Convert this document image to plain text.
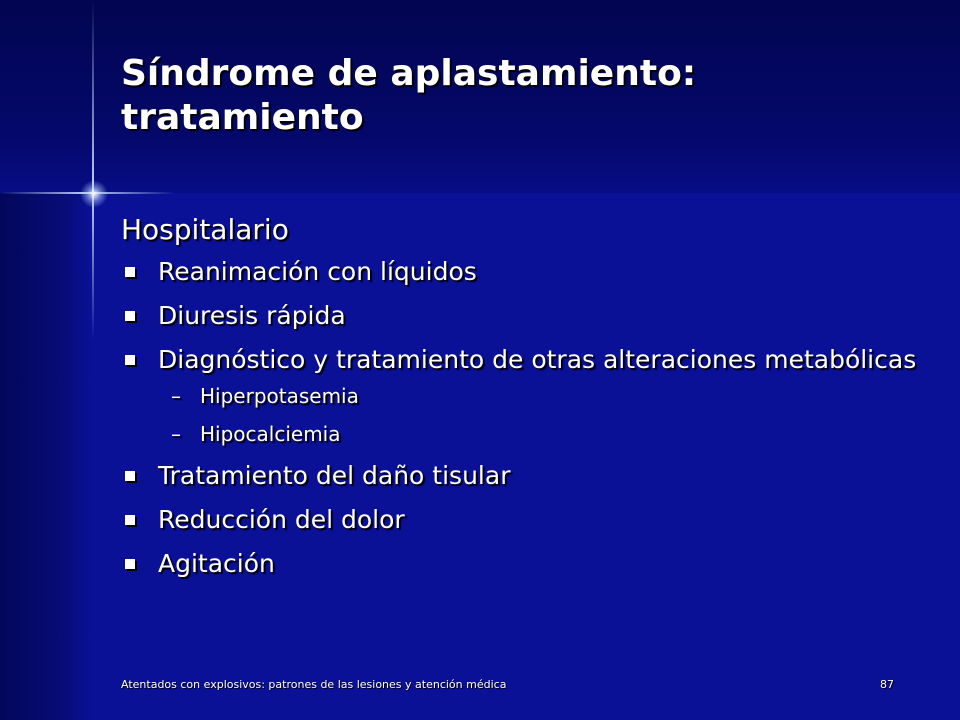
Síndrome de aplastamiento:
tratamiento
Hospitalario
Reanimación con líquidos
Diuresis rápida
Diagnóstico y tratamiento de otras alteraciones metabólicas
– Hiperpotasemia
– Hipocalciemia
Tratamiento del daño tisular
Reducción del dolor
Agitación
Atentados con explosivos: patrones de las lesiones y atención médica	87
